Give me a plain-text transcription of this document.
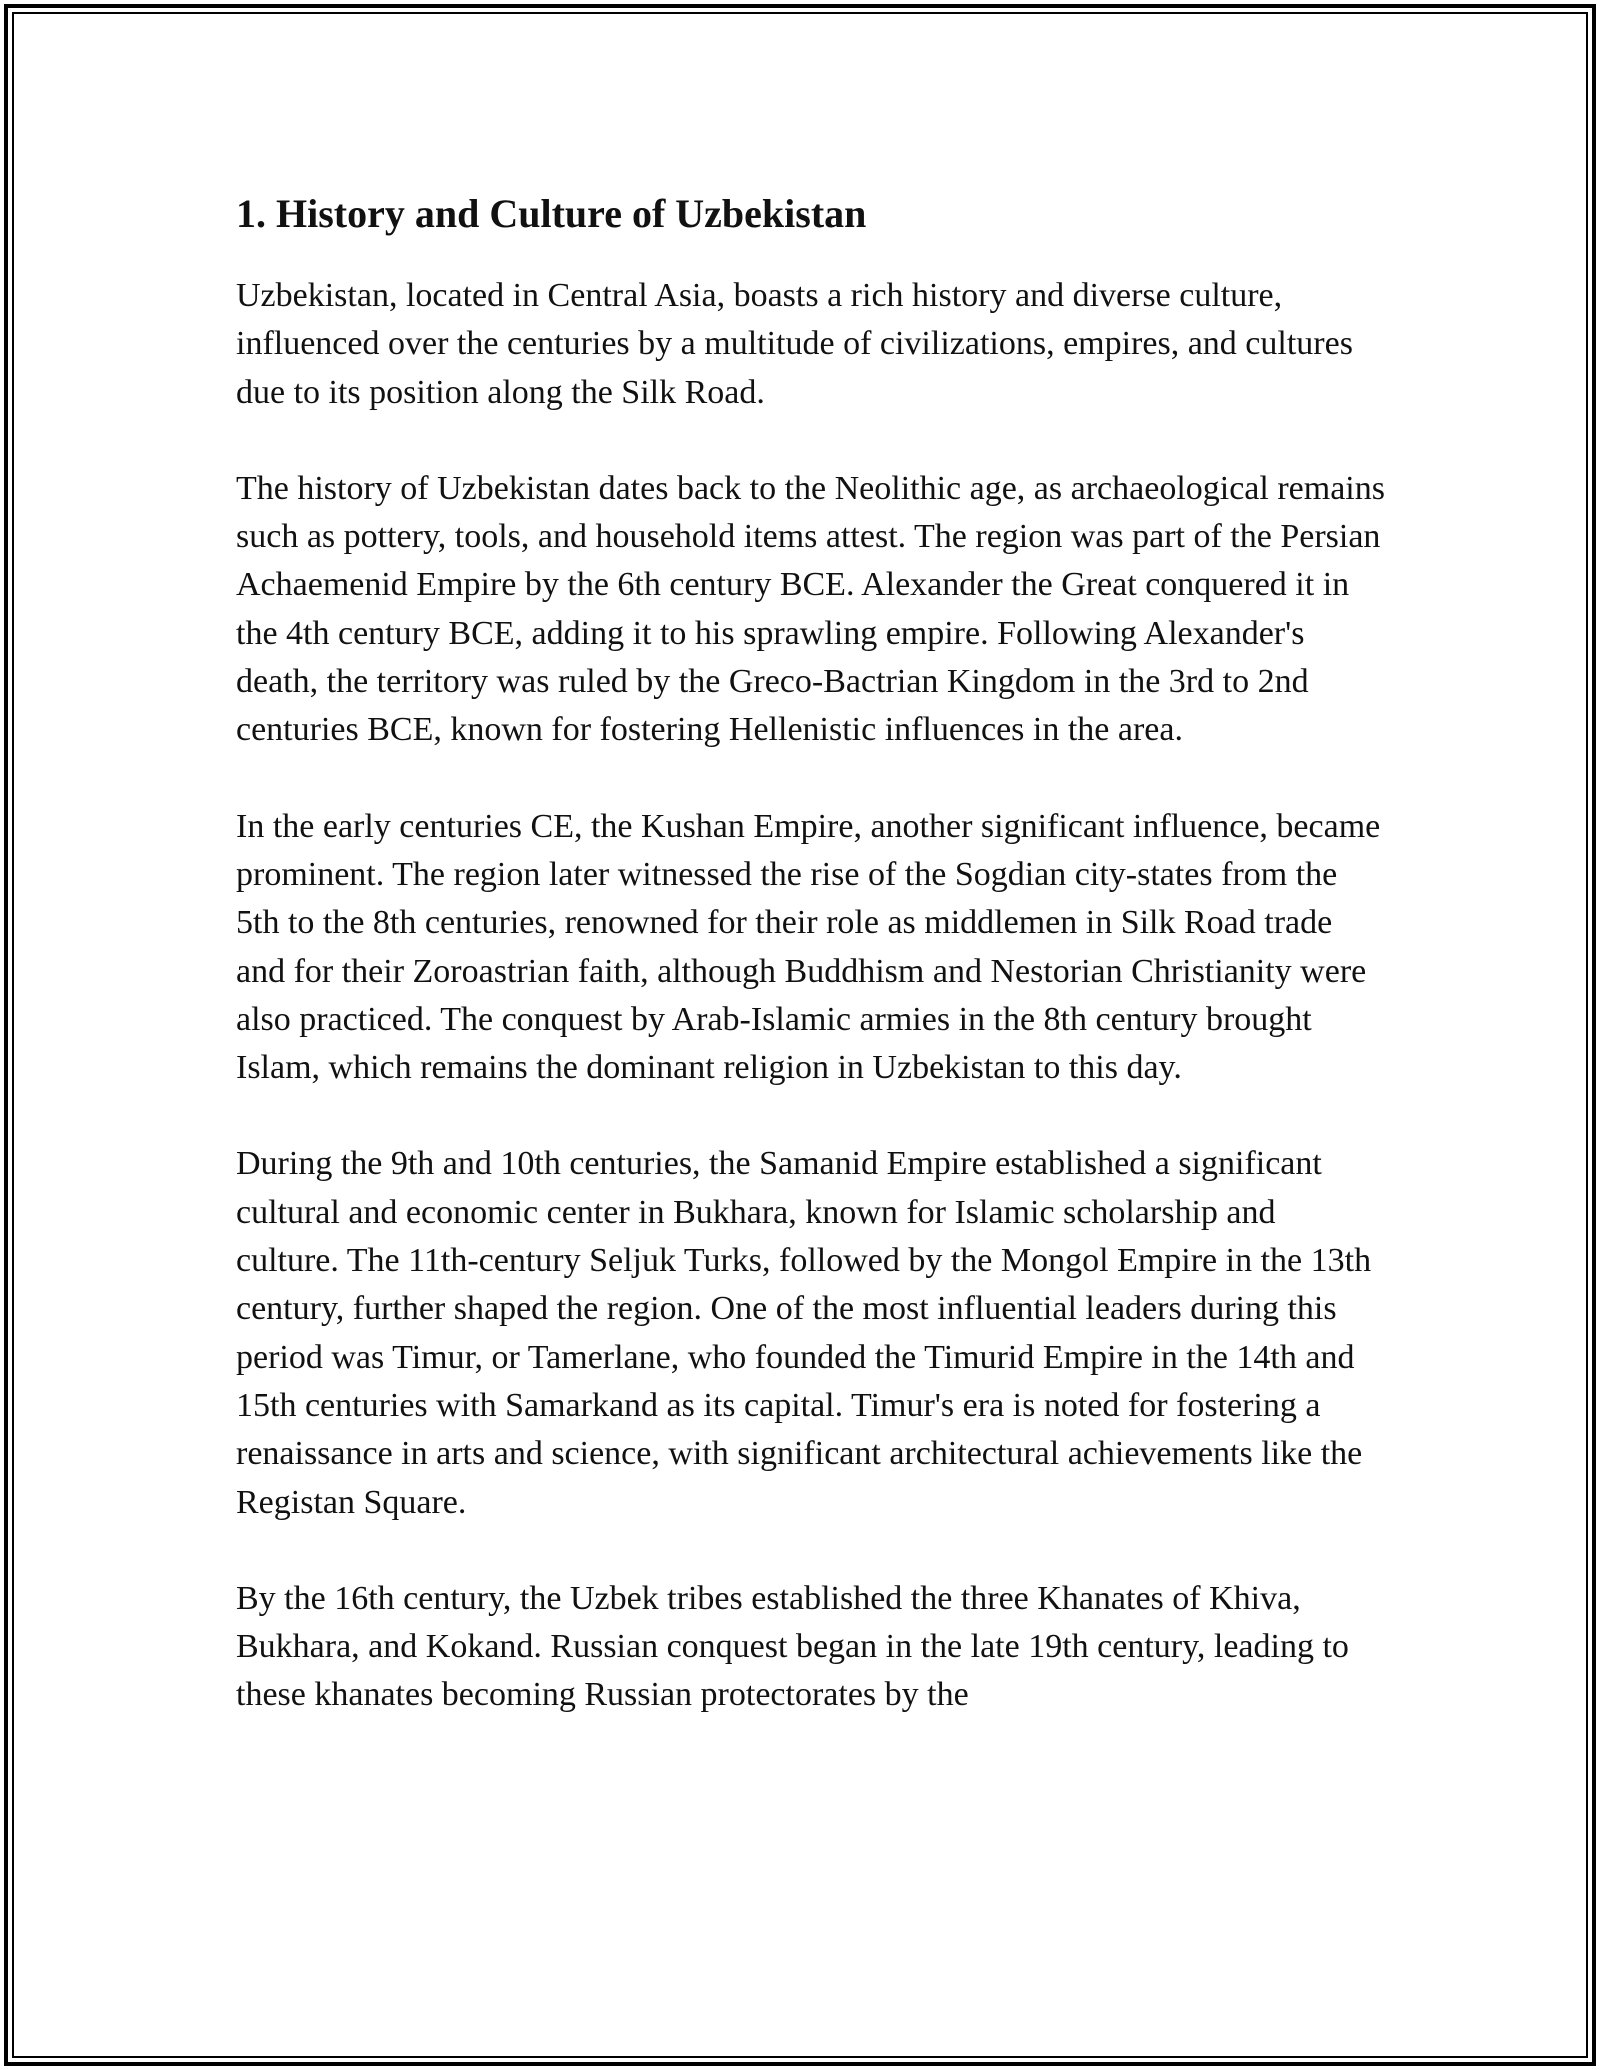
1. History and Culture of Uzbekistan

Uzbekistan, located in Central Asia, boasts a rich history and diverse culture, influenced over the centuries by a multitude of civilizations, empires, and cultures due to its position along the Silk Road.

The history of Uzbekistan dates back to the Neolithic age, as archaeological remains such as pottery, tools, and household items attest. The region was part of the Persian Achaemenid Empire by the 6th century BCE. Alexander the Great conquered it in the 4th century BCE, adding it to his sprawling empire. Following Alexander's death, the territory was ruled by the Greco-Bactrian Kingdom in the 3rd to 2nd centuries BCE, known for fostering Hellenistic influences in the area.

In the early centuries CE, the Kushan Empire, another significant influence, became prominent. The region later witnessed the rise of the Sogdian city-states from the 5th to the 8th centuries, renowned for their role as middlemen in Silk Road trade and for their Zoroastrian faith, although Buddhism and Nestorian Christianity were also practiced. The conquest by Arab-Islamic armies in the 8th century brought Islam, which remains the dominant religion in Uzbekistan to this day.

During the 9th and 10th centuries, the Samanid Empire established a significant cultural and economic center in Bukhara, known for Islamic scholarship and culture. The 11th-century Seljuk Turks, followed by the Mongol Empire in the 13th century, further shaped the region. One of the most influential leaders during this period was Timur, or Tamerlane, who founded the Timurid Empire in the 14th and 15th centuries with Samarkand as its capital. Timur's era is noted for fostering a renaissance in arts and science, with significant architectural achievements like the Registan Square.

By the 16th century, the Uzbek tribes established the three Khanates of Khiva, Bukhara, and Kokand. Russian conquest began in the late 19th century, leading to these khanates becoming Russian protectorates by the
